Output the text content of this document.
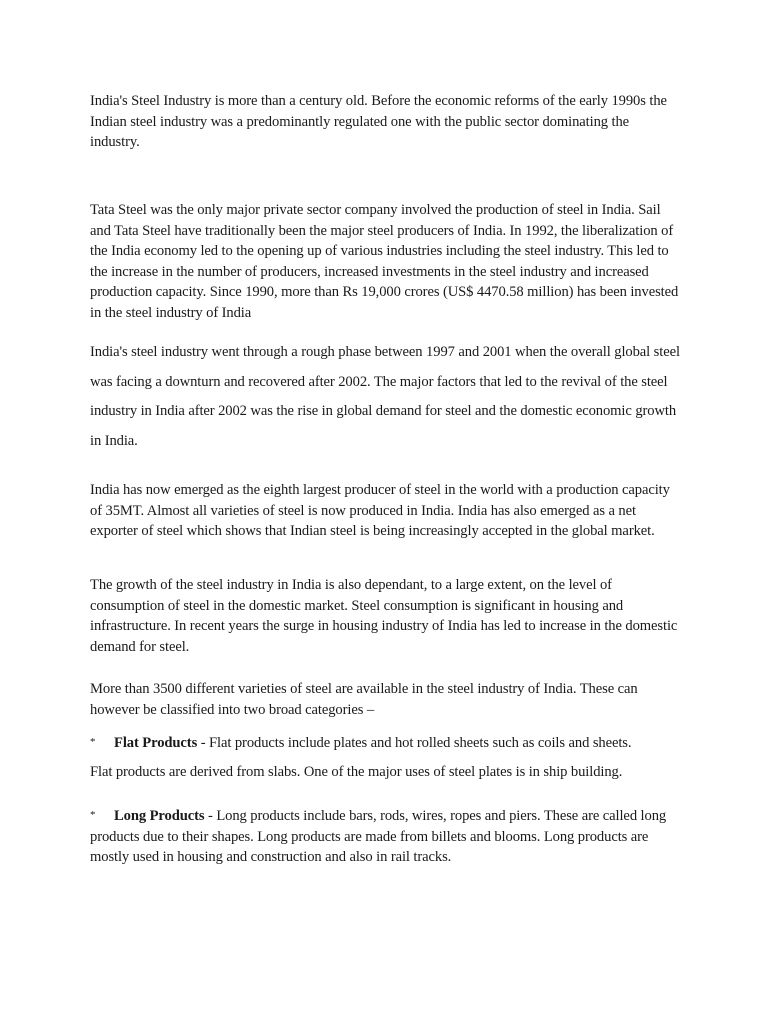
India's Steel Industry is more than a century old. Before the economic reforms of the early 1990s the Indian steel industry was a predominantly regulated one with the public sector dominating the industry.

Tata Steel was the only major private sector company involved the production of steel in India. Sail and Tata Steel have traditionally been the major steel producers of India. In 1992, the liberalization of the India economy led to the opening up of various industries including the steel industry. This led to the increase in the number of producers, increased investments in the steel industry and increased production capacity. Since 1990, more than Rs 19,000 crores (US$ 4470.58 million) has been invested in the steel industry of India

India's steel industry went through a rough phase between 1997 and 2001 when the overall global steel was facing a downturn and recovered after 2002. The major factors that led to the revival of the steel industry in India after 2002 was the rise in global demand for steel and the domestic economic growth in India.

India has now emerged as the eighth largest producer of steel in the world with a production capacity of 35MT. Almost all varieties of steel is now produced in India. India has also emerged as a net exporter of steel which shows that Indian steel is being increasingly accepted in the global market.

The growth of the steel industry in India is also dependant, to a large extent, on the level of consumption of steel in the domestic market. Steel consumption is significant in housing and infrastructure. In recent years the surge in housing industry of India has led to increase in the domestic demand for steel.

More than 3500 different varieties of steel are available in the steel industry of India. These can however be classified into two broad categories –

* Flat Products - Flat products include plates and hot rolled sheets such as coils and sheets.

Flat products are derived from slabs. One of the major uses of steel plates is in ship building.

* Long Products - Long products include bars, rods, wires, ropes and piers. These are called long products due to their shapes. Long products are made from billets and blooms. Long products are mostly used in housing and construction and also in rail tracks.
